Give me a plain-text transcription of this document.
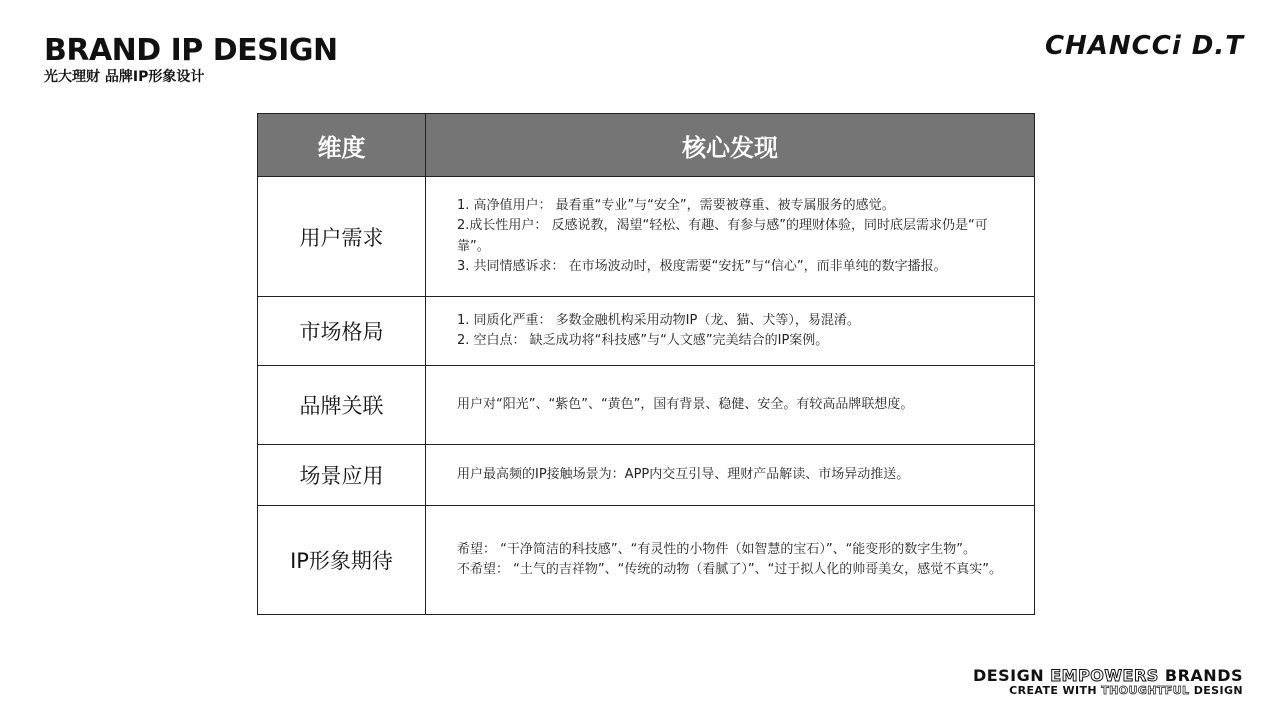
BRAND IP DESIGN
光大理财 品牌IP形象设计
CHANCCi D.T
维度	核心发现
用户需求	1. 高净值用户： 最看重“专业”与“安全”，需要被尊重、被专属服务的感觉。
2.成长性用户： 反感说教，渴望“轻松、有趣、有参与感”的理财体验，同时底层需求仍是“可靠”。
3. 共同情感诉求： 在市场波动时，极度需要“安抚”与“信心”，而非单纯的数字播报。

市场格局	1. 同质化严重： 多数金融机构采用动物IP（龙、猫、犬等），易混淆。
2. 空白点： 缺乏成功将“科技感”与“人文感”完美结合的IP案例。

品牌关联	用户对“阳光”、“紫色”、“黄色”，国有背景、稳健、安全。有较高品牌联想度。

场景应用	用户最高频的IP接触场景为：APP内交互引导、理财产品解读、市场异动推送。

IP形象期待	希望： “干净简洁的科技感”、“有灵性的小物件（如智慧的宝石）”、“能变形的数字生物”。
不希望： “土气的吉祥物”、“传统的动物（看腻了）”、“过于拟人化的帅哥美女，感觉不真实”。
DESIGN EMPOWERS BRANDS
CREATE WITH THOUGHTFUL DESIGN
